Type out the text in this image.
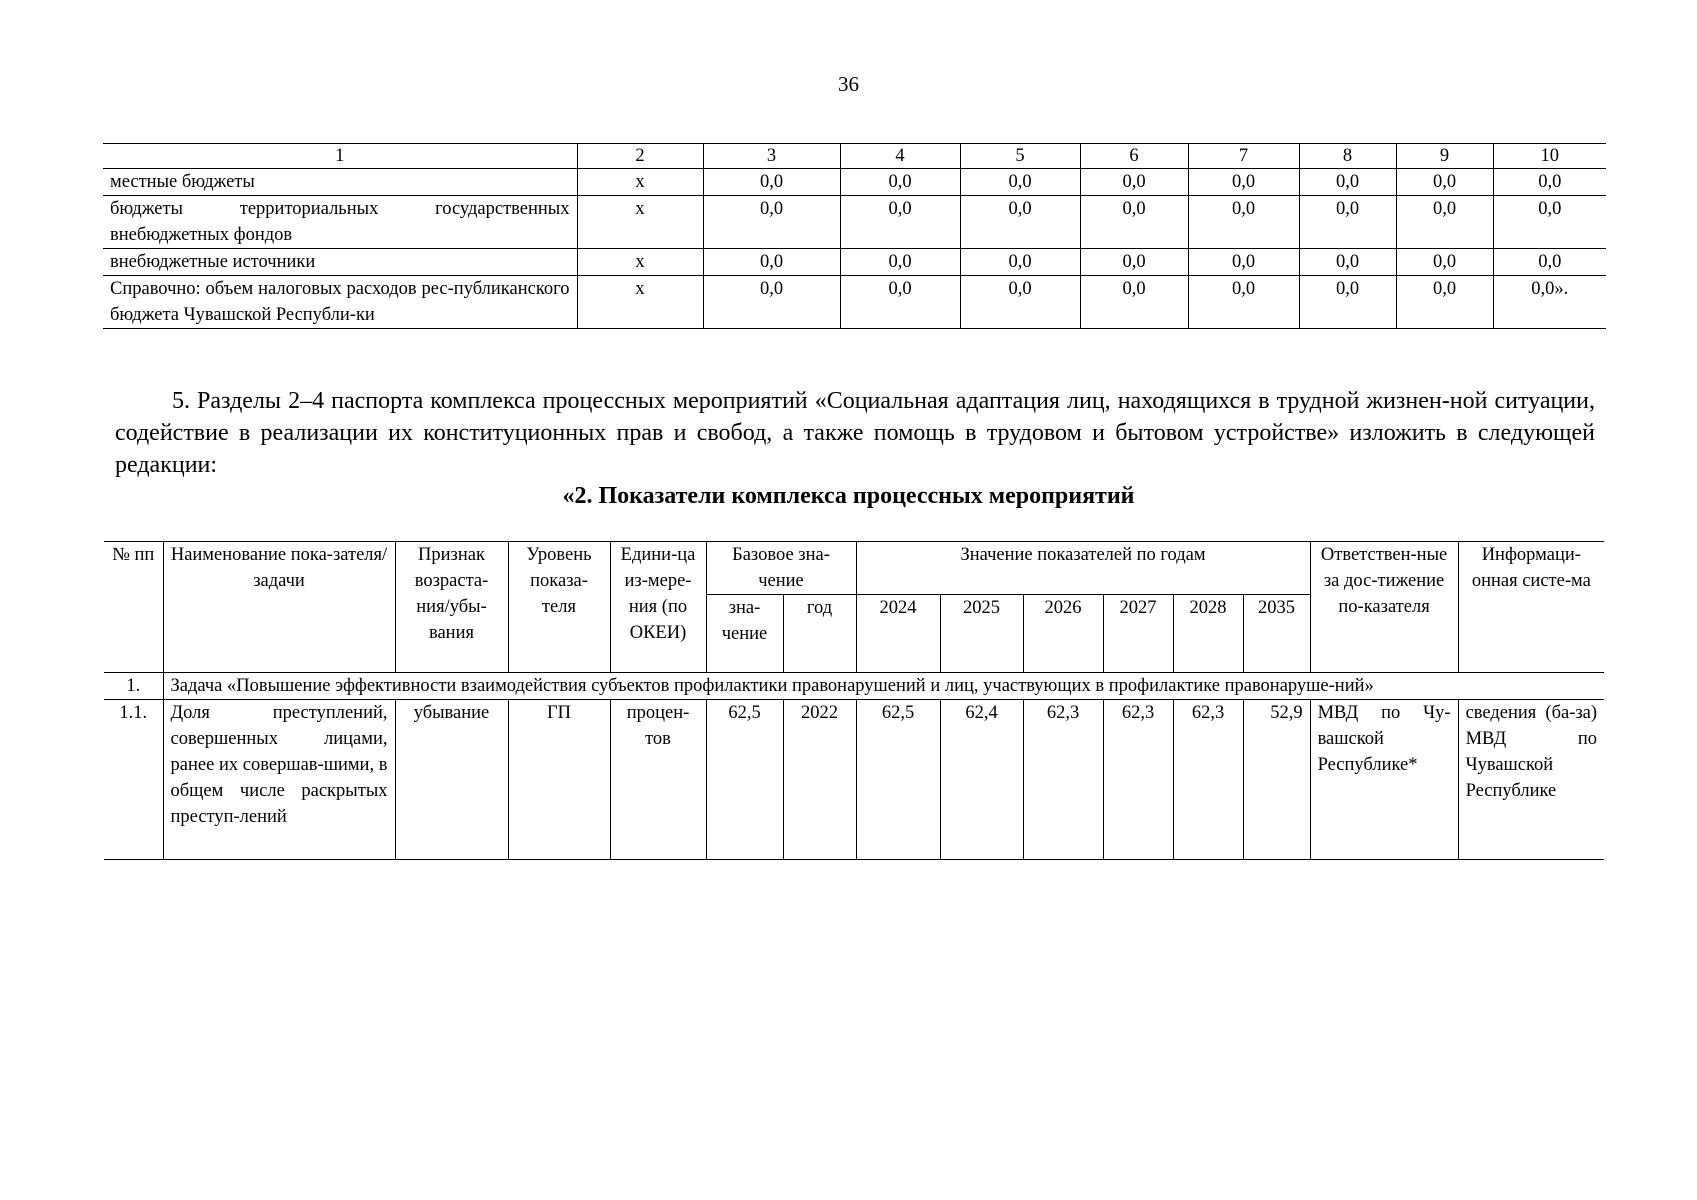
36
1	2	3	4	5	6	7	8	9	10
местные бюджеты	х	0,0	0,0	0,0	0,0	0,0	0,0	0,0	0,0
бюджеты территориальных государственных внебюджетных фондов	х	0,0	0,0	0,0	0,0	0,0	0,0	0,0	0,0
внебюджетные источники	х	0,0	0,0	0,0	0,0	0,0	0,0	0,0	0,0
Справочно: объем налоговых расходов рес-публиканского бюджета Чувашской Республи-ки	х	0,0	0,0	0,0	0,0	0,0	0,0	0,0	0,0».

5. Разделы 2–4 паспорта комплекса процессных мероприятий «Социальная адаптация лиц, находящихся в трудной жизнен-ной ситуации, содействие в реализации их конституционных прав и свобод, а также помощь в трудовом и бытовом устройстве» изложить в следующей редакции:

«2. Показатели комплекса процессных мероприятий

№ пп	Наименование пока-зателя/задачи	Признак возраста-ния/убы-вания	Уровень показа-теля	Едини-ца из-мере-ния (по ОКЕИ)	Базовое зна-чение		Значение показателей по годам						Ответствен-ные за дос-тижение по-казателя	Информаци-онная систе-ма
					зна-чение	год	2024	2025	2026	2027	2028	2035		
1.	Задача «Повышение эффективности взаимодействия субъектов профилактики правонарушений и лиц, участвующих в профилактике правонаруше-ний»													
1.1.	Доля преступлений, совершенных лицами, ранее их совершав-шими, в общем числе раскрытых преступ-лений	убывание	ГП	процен-тов	62,5	2022	62,5	62,4	62,3	62,3	62,3	52,9	МВД по Чу-вашской Республике*	сведения (ба-за) МВД по Чувашской Республике
